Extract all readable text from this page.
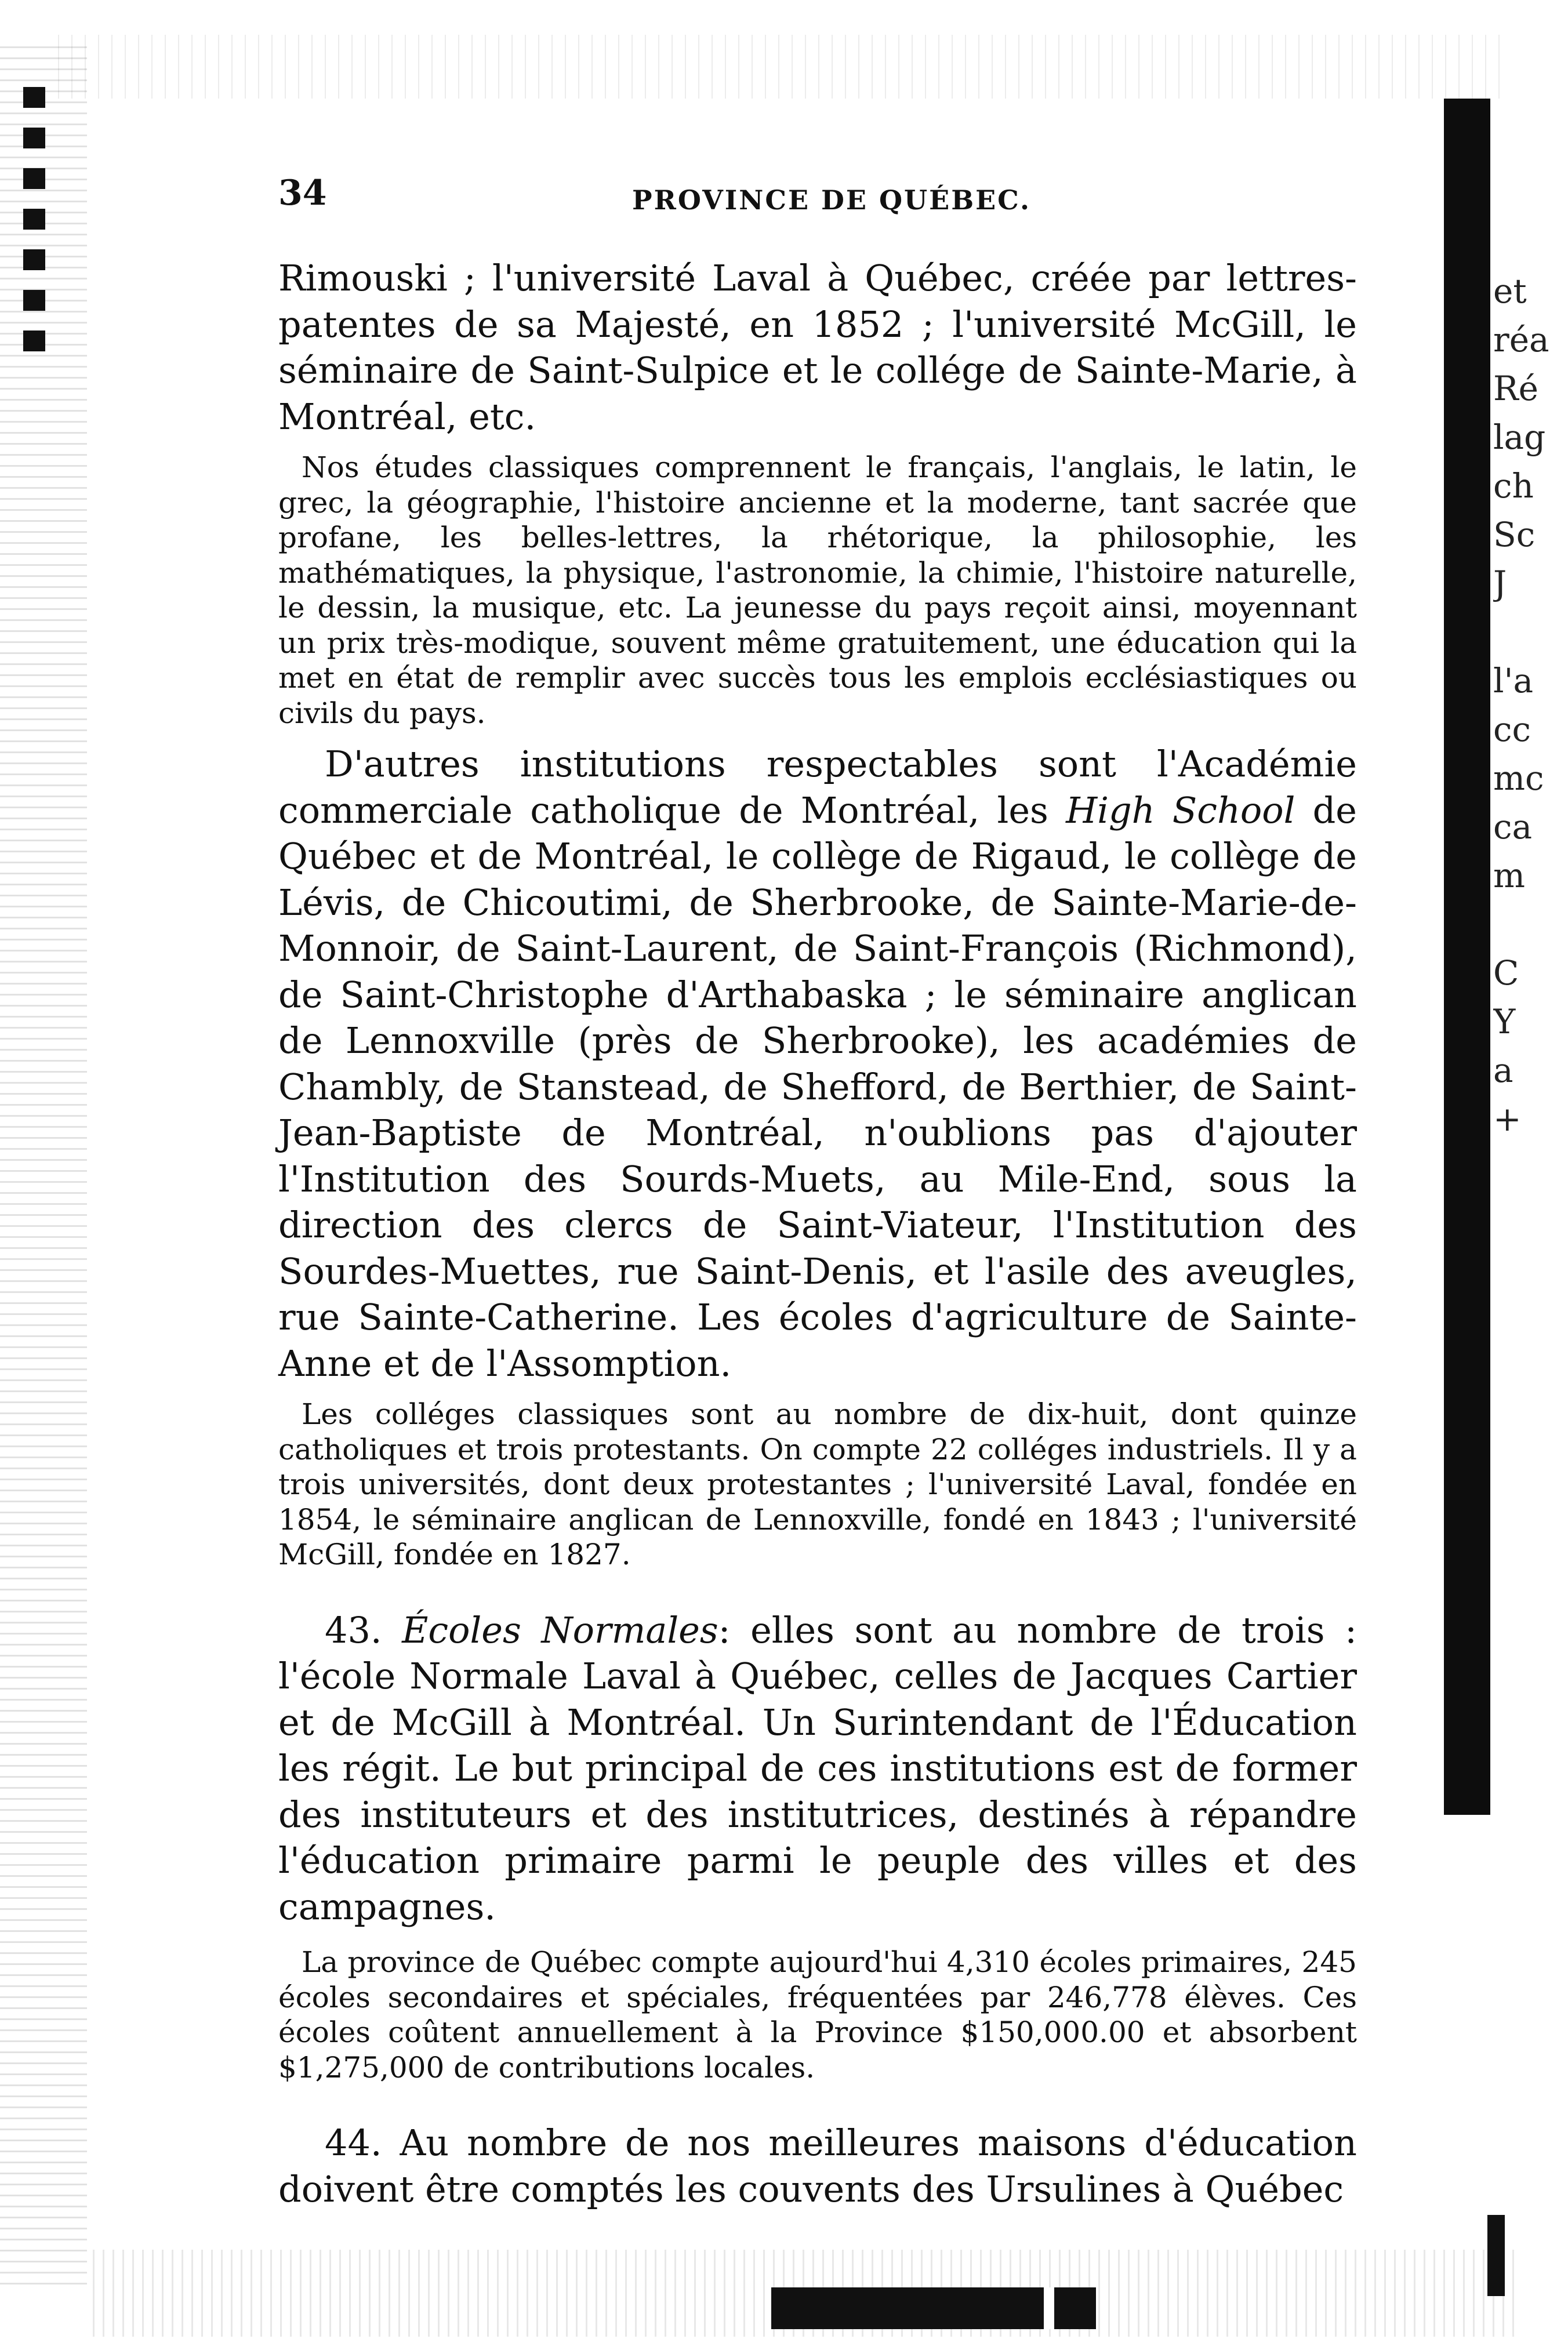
et
réa
Ré
lag
ch
Sc
J

l'a
cc
mc
ca
m

C
Y
a
+
34	PROVINCE DE QUÉBEC.

Rimouski ; l'université Laval à Québec, créée par lettres-patentes de sa Majesté, en 1852 ; l'université McGill, le séminaire de Saint-Sulpice et le collége de Sainte-Marie, à Montréal, etc.

Nos études classiques comprennent le français, l'anglais, le latin, le grec, la géographie, l'histoire ancienne et la moderne, tant sacrée que profane, les belles-lettres, la rhétorique, la philosophie, les mathématiques, la physique, l'astronomie, la chimie, l'histoire naturelle, le dessin, la musique, etc. La jeunesse du pays reçoit ainsi, moyennant un prix très-modique, souvent même gratuitement, une éducation qui la met en état de remplir avec succès tous les emplois ecclésiastiques ou civils du pays.

D'autres institutions respectables sont l'Académie commerciale catholique de Montréal, les High School de Québec et de Montréal, le collège de Rigaud, le collège de Lévis, de Chicoutimi, de Sherbrooke, de Sainte-Marie-de-Monnoir, de Saint-Laurent, de Saint-François (Richmond), de Saint-Christophe d'Arthabaska ; le séminaire anglican de Lennoxville (près de Sherbrooke), les académies de Chambly, de Stanstead, de Shefford, de Berthier, de Saint-Jean-Baptiste de Montréal, n'oublions pas d'ajouter l'Institution des Sourds-Muets, au Mile-End, sous la direction des clercs de Saint-Viateur, l'Institution des Sourdes-Muettes, rue Saint-Denis, et l'asile des aveugles, rue Sainte-Catherine. Les écoles d'agriculture de Sainte-Anne et de l'Assomption.

Les colléges classiques sont au nombre de dix-huit, dont quinze catholiques et trois protestants. On compte 22 colléges industriels. Il y a trois universités, dont deux protestantes ; l'université Laval, fondée en 1854, le séminaire anglican de Lennoxville, fondé en 1843 ; l'université McGill, fondée en 1827.

43. Écoles Normales: elles sont au nombre de trois : l'école Normale Laval à Québec, celles de Jacques Cartier et de McGill à Montréal. Un Surintendant de l'Éducation les régit. Le but principal de ces institutions est de former des instituteurs et des institutrices, destinés à répandre l'éducation primaire parmi le peuple des villes et des campagnes.

La province de Québec compte aujourd'hui 4,310 écoles primaires, 245 écoles secondaires et spéciales, fréquentées par 246,778 élèves. Ces écoles coûtent annuellement à la Province $150,000.00 et absorbent $1,275,000 de contributions locales.

44. Au nombre de nos meilleures maisons d'éducation doivent être comptés les couvents des Ursulines à Québec
